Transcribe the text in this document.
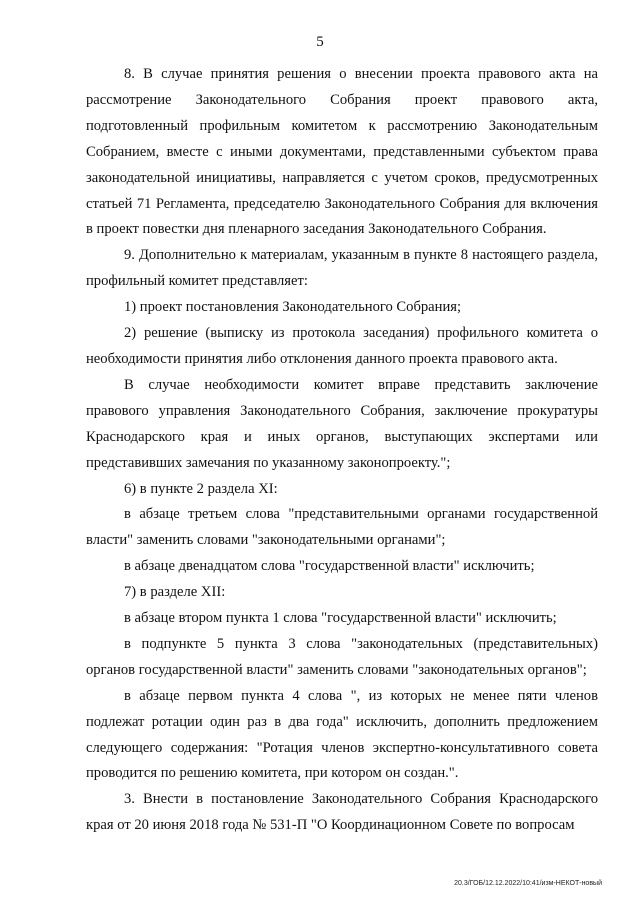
5

8. В случае принятия решения о внесении проекта правового акта на рассмотрение Законодательного Собрания проект правового акта, подготовленный профильным комитетом к рассмотрению Законодательным Собранием, вместе с иными документами, представленными субъектом права законодательной инициативы, направляется с учетом сроков, предусмотренных статьей 71 Регламента, председателю Законодательного Собрания для включения в проект повестки дня пленарного заседания Законодательного Собрания.

9. Дополнительно к материалам, указанным в пункте 8 настоящего раздела, профильный комитет представляет:

1) проект постановления Законодательного Собрания;

2) решение (выписку из протокола заседания) профильного комитета о необходимости принятия либо отклонения данного проекта правового акта.

В случае необходимости комитет вправе представить заключение правового управления Законодательного Собрания, заключение прокуратуры Краснодарского края и иных органов, выступающих экспертами или представивших замечания по указанному законопроекту.";

6) в пункте 2 раздела XI:

в абзаце третьем слова "представительными органами государственной власти" заменить словами "законодательными органами";

в абзаце двенадцатом слова "государственной власти" исключить;

7) в разделе XII:

в абзаце втором пункта 1 слова "государственной власти" исключить;

в подпункте 5 пункта 3 слова "законодательных (представительных) органов государственной власти" заменить словами "законодательных органов";

в абзаце первом пункта 4 слова ", из которых не менее пяти членов подлежат ротации один раз в два года" исключить, дополнить предложением следующего содержания: "Ротация членов экспертно-консультативного совета проводится по решению комитета, при котором он создан.".

3. Внести в постановление Законодательного Собрания Краснодарского края от 20 июня 2018 года № 531-П "О Координационном Совете по вопросам

20.3/ГОБ/12.12.2022/10:41/изм-НЕКОТ-новый
